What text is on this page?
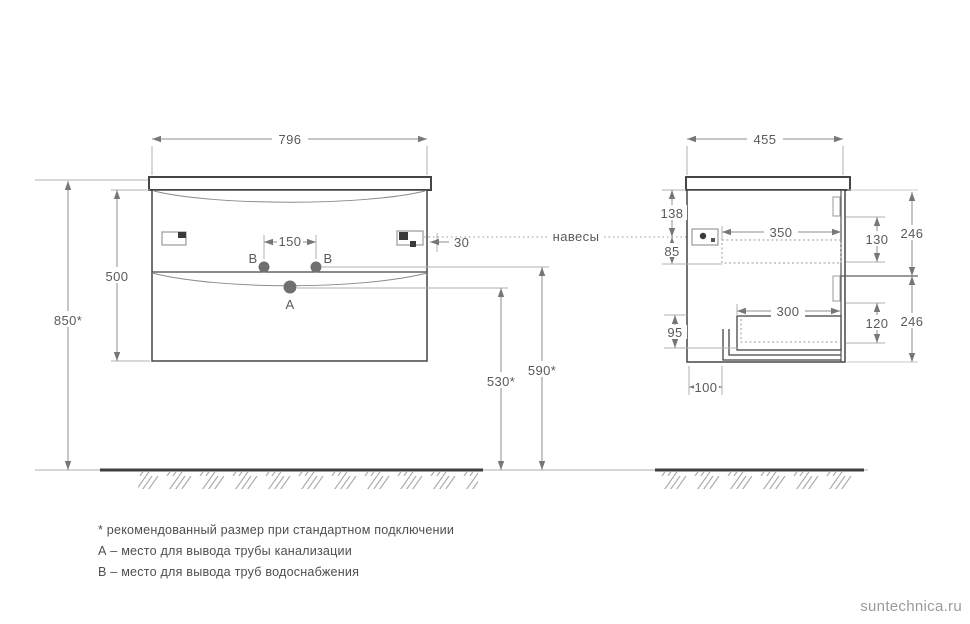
B	B
A
796
500
850*
150	30
530*
590*
навесы
455
138
85
350
300
130
120
246
246
95
100
* рекомендованный размер при стандартном подключении
А – место для вывода трубы канализации
В – место для вывода труб водоснабжения
suntechnica.ru
